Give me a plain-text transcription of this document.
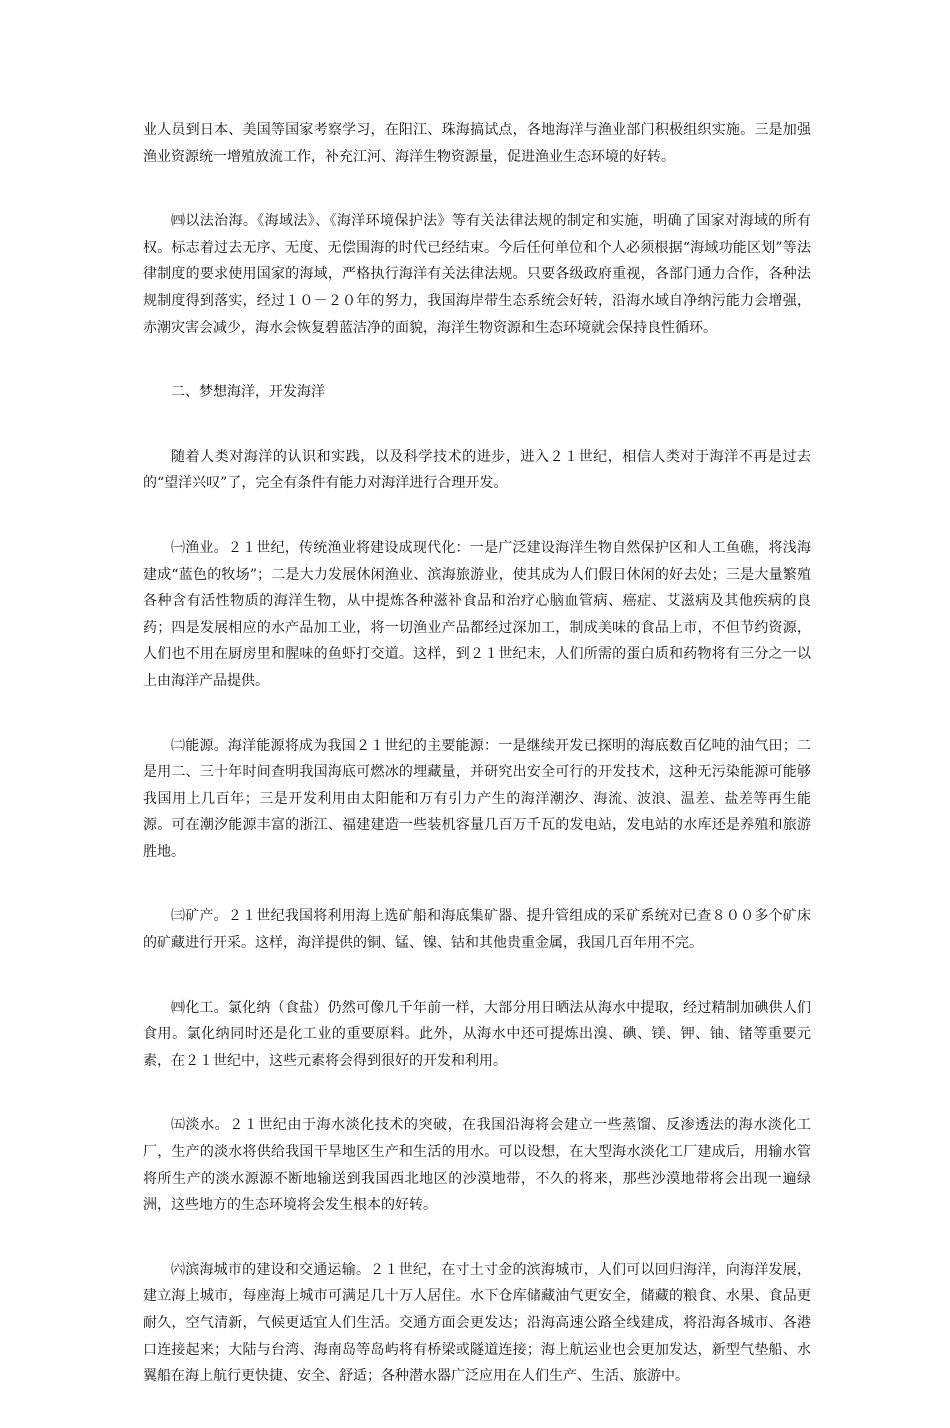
业人员到日本、美国等国家考察学习，在阳江、珠海搞试点，各地海洋与渔业部门积极组织实施。三是加强渔业资源统一增殖放流工作，补充江河、海洋生物资源量，促进渔业生态环境的好转。

㈣以法治海。《海域法》、《海洋环境保护法》等有关法律法规的制定和实施，明确了国家对海域的所有权。标志着过去无序、无度、无偿围海的时代已经结束。今后任何单位和个人必须根据“海域功能区划”等法律制度的要求使用国家的海域，严格执行海洋有关法律法规。只要各级政府重视，各部门通力合作，各种法规制度得到落实，经过１０－２０年的努力，我国海岸带生态系统会好转，沿海水域自净纳污能力会增强，赤潮灾害会减少，海水会恢复碧蓝洁净的面貌，海洋生物资源和生态环境就会保持良性循环。

二、梦想海洋，开发海洋

随着人类对海洋的认识和实践，以及科学技术的进步，进入２１世纪，相信人类对于海洋不再是过去的“望洋兴叹”了，完全有条件有能力对海洋进行合理开发。

㈠渔业。２１世纪，传统渔业将建设成现代化：一是广泛建设海洋生物自然保护区和人工鱼礁，将浅海建成“蓝色的牧场”；二是大力发展休闲渔业、滨海旅游业，使其成为人们假日休闲的好去处；三是大量繁殖各种含有活性物质的海洋生物，从中提炼各种滋补食品和治疗心脑血管病、癌症、艾滋病及其他疾病的良药；四是发展相应的水产品加工业，将一切渔业产品都经过深加工，制成美味的食品上市，不但节约资源，人们也不用在厨房里和腥味的鱼虾打交道。这样，到２１世纪末，人们所需的蛋白质和药物将有三分之一以上由海洋产品提供。

㈡能源。海洋能源将成为我国２１世纪的主要能源：一是继续开发已探明的海底数百亿吨的油气田；二是用二、三十年时间查明我国海底可燃冰的埋藏量，并研究出安全可行的开发技术，这种无污染能源可能够我国用上几百年；三是开发利用由太阳能和万有引力产生的海洋潮汐、海流、波浪、温差、盐差等再生能源。可在潮汐能源丰富的浙江、福建建造一些装机容量几百万千瓦的发电站，发电站的水库还是养殖和旅游胜地。

㈢矿产。２１世纪我国将利用海上选矿船和海底集矿器、提升管组成的采矿系统对已查８００多个矿床的矿藏进行开采。这样，海洋提供的铜、锰、镍、钴和其他贵重金属，我国几百年用不完。

㈣化工。氯化纳（食盐）仍然可像几千年前一样，大部分用日晒法从海水中提取，经过精制加碘供人们食用。氯化纳同时还是化工业的重要原料。此外，从海水中还可提炼出溴、碘、镁、钾、铀、锗等重要元素，在２１世纪中，这些元素将会得到很好的开发和利用。

㈤淡水。２１世纪由于海水淡化技术的突破，在我国沿海将会建立一些蒸馏、反渗透法的海水淡化工厂，生产的淡水将供给我国干旱地区生产和生活的用水。可以设想，在大型海水淡化工厂建成后，用输水管将所生产的淡水源源不断地输送到我国西北地区的沙漠地带，不久的将来，那些沙漠地带将会出现一遍绿洲，这些地方的生态环境将会发生根本的好转。

㈥滨海城市的建设和交通运输。２１世纪，在寸土寸金的滨海城市，人们可以回归海洋，向海洋发展，建立海上城市，每座海上城市可满足几十万人居住。水下仓库储藏油气更安全，储藏的粮食、水果、食品更耐久，空气清新，气候更适宜人们生活。交通方面会更发达；沿海高速公路全线建成，将沿海各城市、各港口连接起来；大陆与台湾、海南岛等岛屿将有桥梁或隧道连接；海上航运业也会更加发达，新型气垫船、水翼船在海上航行更快捷、安全、舒适；各种潜水器广泛应用在人们生产、生活、旅游中。
